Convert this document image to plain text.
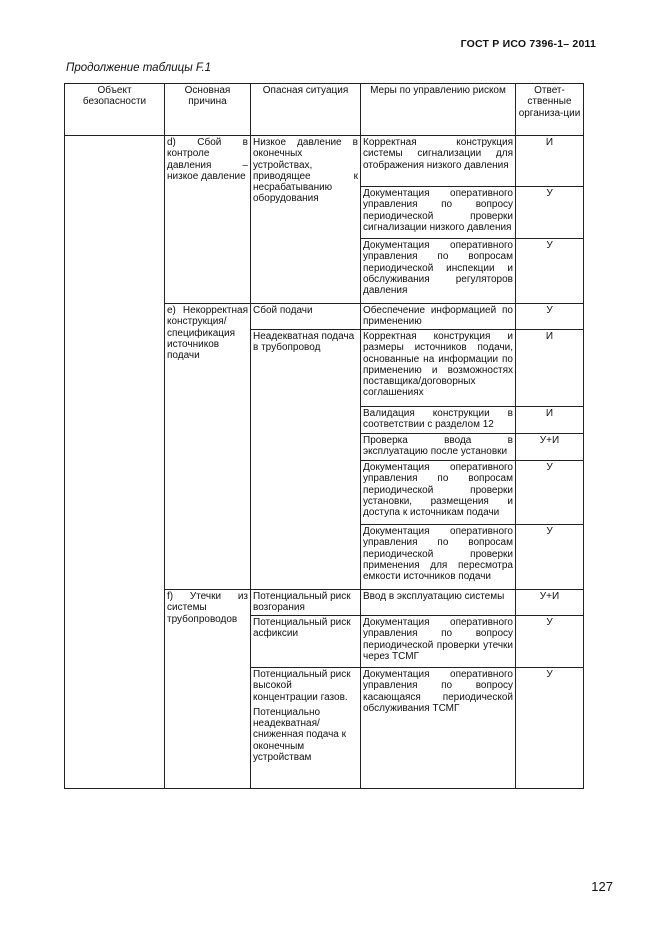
ГОСТ Р ИСО 7396-1– 2011
Продолжение таблицы F.1
Объект безопасности	Основная причина	Опасная ситуация	Меры по управлению риском	Ответ-ственные организа-ции
	d) Сбой в контроле давления – низкое давление	Низкое давление в оконечных устройствах, приводящее к несрабатыванию оборудования	Корректная конструкция системы сигнализации для отображения низкого давления	И
			Документация оперативного управления по вопросу периодической проверки сигнализации низкого давления	У
			Документация оперативного управления по вопросам периодической инспекции и обслуживания регуляторов давления	У
	e) Некорректная конструкция/ спецификация источников подачи	Сбой подачи	Обеспечение информацией по применению	У
		Неадекватная подача в трубопровод	Корректная конструкция и размеры источников подачи, основанные на информации по применению и возможностях поставщика/договорных соглашениях	И
			Валидация конструкции в соответствии с разделом 12	И
			Проверка ввода в эксплуатацию после установки	У+И
			Документация оперативного управления по вопросам периодической проверки установки, размещения и доступа к источникам подачи	У
			Документация оперативного управления по вопросам периодической проверки применения для пересмотра емкости источников подачи	У
	f) Утечки из системы трубопроводов	Потенциальный риск возгорания	Ввод в эксплуатацию системы	У+И
		Потенциальный риск асфиксии	Документация оперативного управления по вопросу периодической проверки утечки через ТСМГ	У

		Потенциальный риск высокой концентрации газов.
Потенциально неадекватная/ сниженная подача к оконечным устройствам	Документация оперативного управления по вопросу касающаяся периодической обслуживания ТСМГ	У
127
